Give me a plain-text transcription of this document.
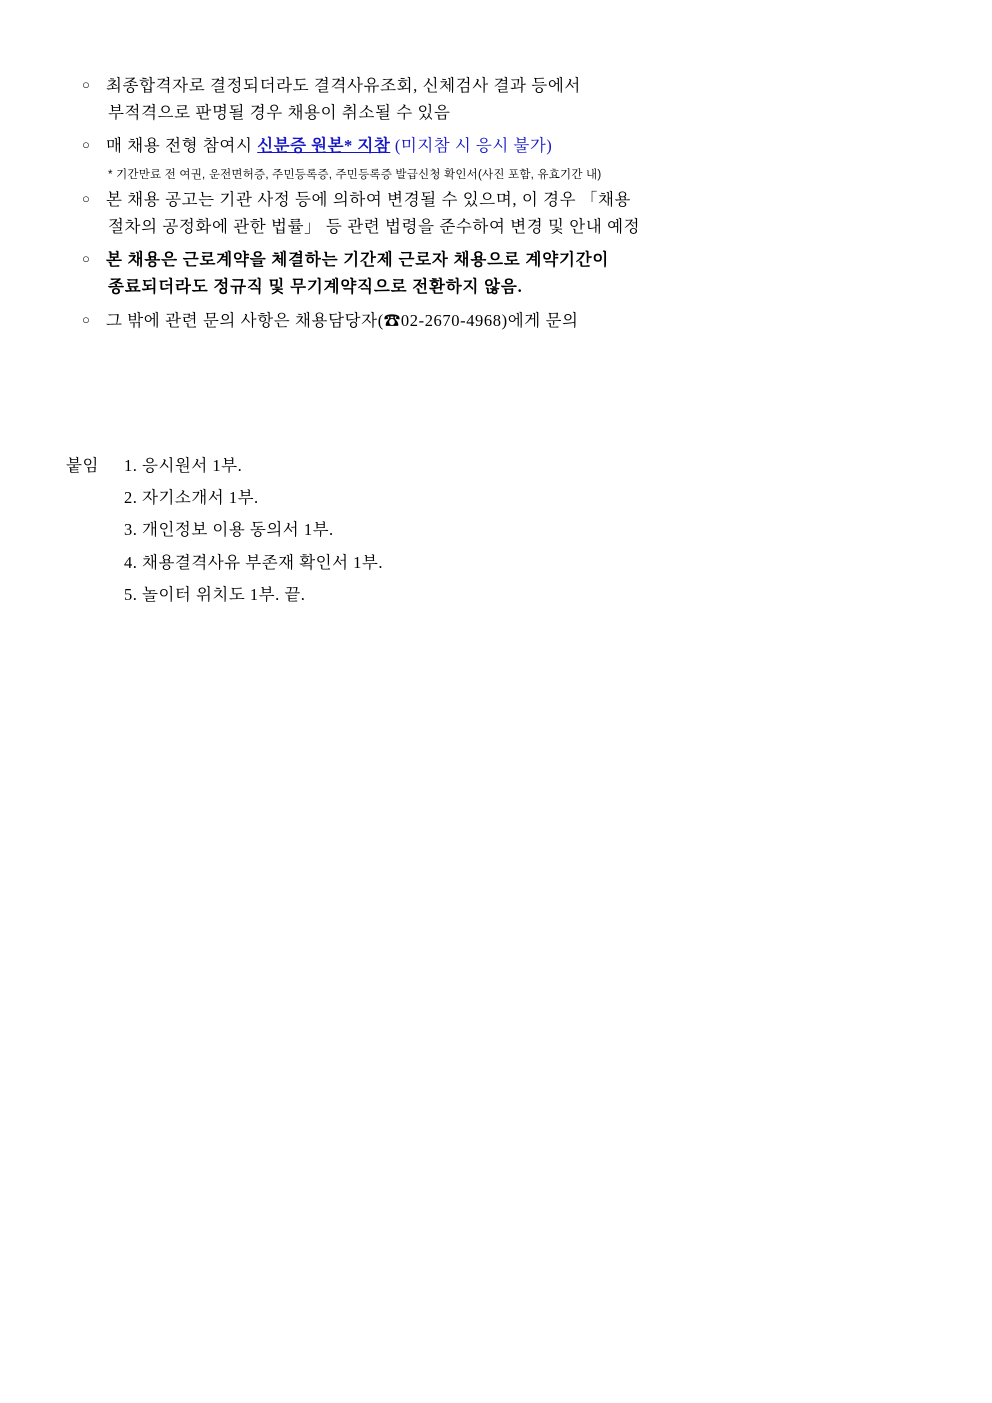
○ 최종합격자로 결정되더라도 결격사유조회, 신체검사 결과 등에서
부적격으로 판명될 경우 채용이 취소될 수 있음
○ 매 채용 전형 참여시 신분증 원본* 지참 (미지참 시 응시 불가)
* 기간만료 전 여권, 운전면허증, 주민등록증, 주민등록증 발급신청 확인서(사진 포함, 유효기간 내)
○ 본 채용 공고는 기관 사정 등에 의하여 변경될 수 있으며, 이 경우 「채용
절차의 공정화에 관한 법률」 등 관련 법령을 준수하여 변경 및 안내 예정
○ 본 채용은 근로계약을 체결하는 기간제 근로자 채용으로 계약기간이
종료되더라도 정규직 및 무기계약직으로 전환하지 않음.
○ 그 밖에 관련 문의 사항은 채용담당자(☎02-2670-4968)에게 문의
붙임 1. 응시원서 1부.
2. 자기소개서 1부.
3. 개인정보 이용 동의서 1부.
4. 채용결격사유 부존재 확인서 1부.
5. 놀이터 위치도 1부. 끝.
